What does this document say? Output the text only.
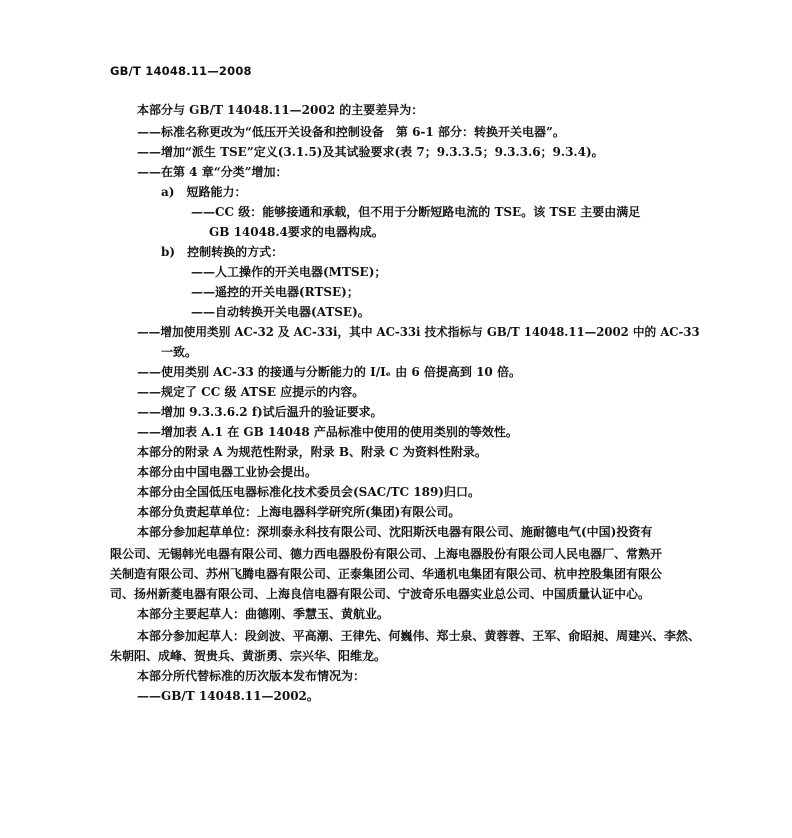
GB/T 14048.11—2008
本部分与 GB/T 14048.11—2002 的主要差异为：
——标准名称更改为“低压开关设备和控制设备　第 6-1 部分：转换开关电器”。
——增加“派生 TSE”定义(3.1.5)及其试验要求(表 7；9.3.3.5；9.3.3.6；9.3.4)。
——在第 4 章“分类”增加：
a)　短路能力：
——CC 级：能够接通和承载，但不用于分断短路电流的 TSE。该 TSE 主要由满足
GB 14048.4要求的电器构成。
b)　控制转换的方式：
——人工操作的开关电器(MTSE)；
——遥控的开关电器(RTSE)；
——自动转换开关电器(ATSE)。
——增加使用类别 AC-32 及 AC-33i，其中 AC-33i 技术指标与 GB/T 14048.11—2002 中的 AC-33
一致。
——使用类别 AC-33 的接通与分断能力的 I/Iₑ 由 6 倍提高到 10 倍。
——规定了 CC 级 ATSE 应提示的内容。
——增加 9.3.3.6.2 f)试后温升的验证要求。
——增加表 A.1 在 GB 14048 产品标准中使用的使用类别的等效性。
本部分的附录 A 为规范性附录，附录 B、附录 C 为资料性附录。
本部分由中国电器工业协会提出。
本部分由全国低压电器标准化技术委员会(SAC/TC 189)归口。
本部分负责起草单位：上海电器科学研究所(集团)有限公司。
本部分参加起草单位：深圳泰永科技有限公司、沈阳斯沃电器有限公司、施耐德电气(中国)投资有
限公司、无锡韩光电器有限公司、德力西电器股份有限公司、上海电器股份有限公司人民电器厂、常熟开
关制造有限公司、苏州飞腾电器有限公司、正泰集团公司、华通机电集团有限公司、杭申控股集团有限公
司、扬州新菱电器有限公司、上海良信电器有限公司、宁波奇乐电器实业总公司、中国质量认证中心。
本部分主要起草人：曲德刚、季慧玉、黄航业。
本部分参加起草人：段剑波、平高潮、王律先、何巍伟、郑士泉、黄蓉蓉、王军、俞昭昶、周建兴、李然、
朱朝阳、成峰、贺贵兵、黄浙勇、宗兴华、阳维龙。
本部分所代替标准的历次版本发布情况为：
——GB/T 14048.11—2002。
